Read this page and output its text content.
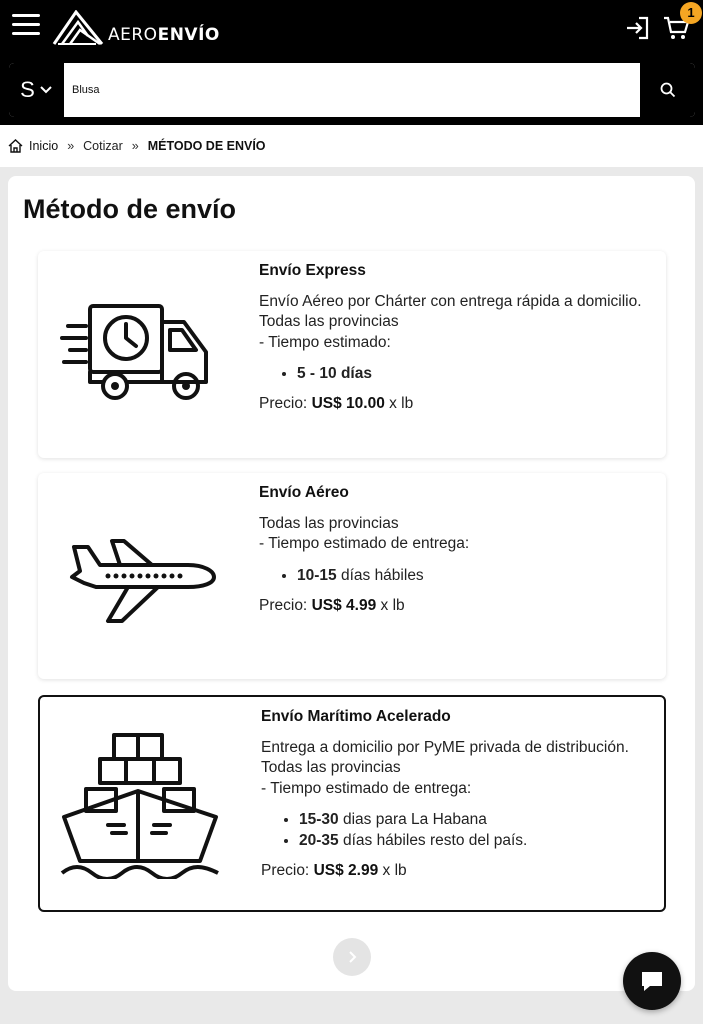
AEROENVÍO
1
S
Blusa
Inicio » Cotizar » MÉTODO DE ENVÍO
Método de envío
Envío Express
Envío Aéreo por Chárter con entrega rápida a domicilio.
Todas las provincias
- Tiempo estimado:
• 5 - 10 días
Precio: US$ 10.00 x lb
Envío Aéreo
Todas las provincias
- Tiempo estimado de entrega:
• 10-15 días hábiles
Precio: US$ 4.99 x lb
Envío Marítimo Acelerado
Entrega a domicilio por PyME privada de distribución.
Todas las provincias
- Tiempo estimado de entrega:
• 15-30 dias para La Habana
• 20-35 días hábiles resto del país.
Precio: US$ 2.99 x lb
